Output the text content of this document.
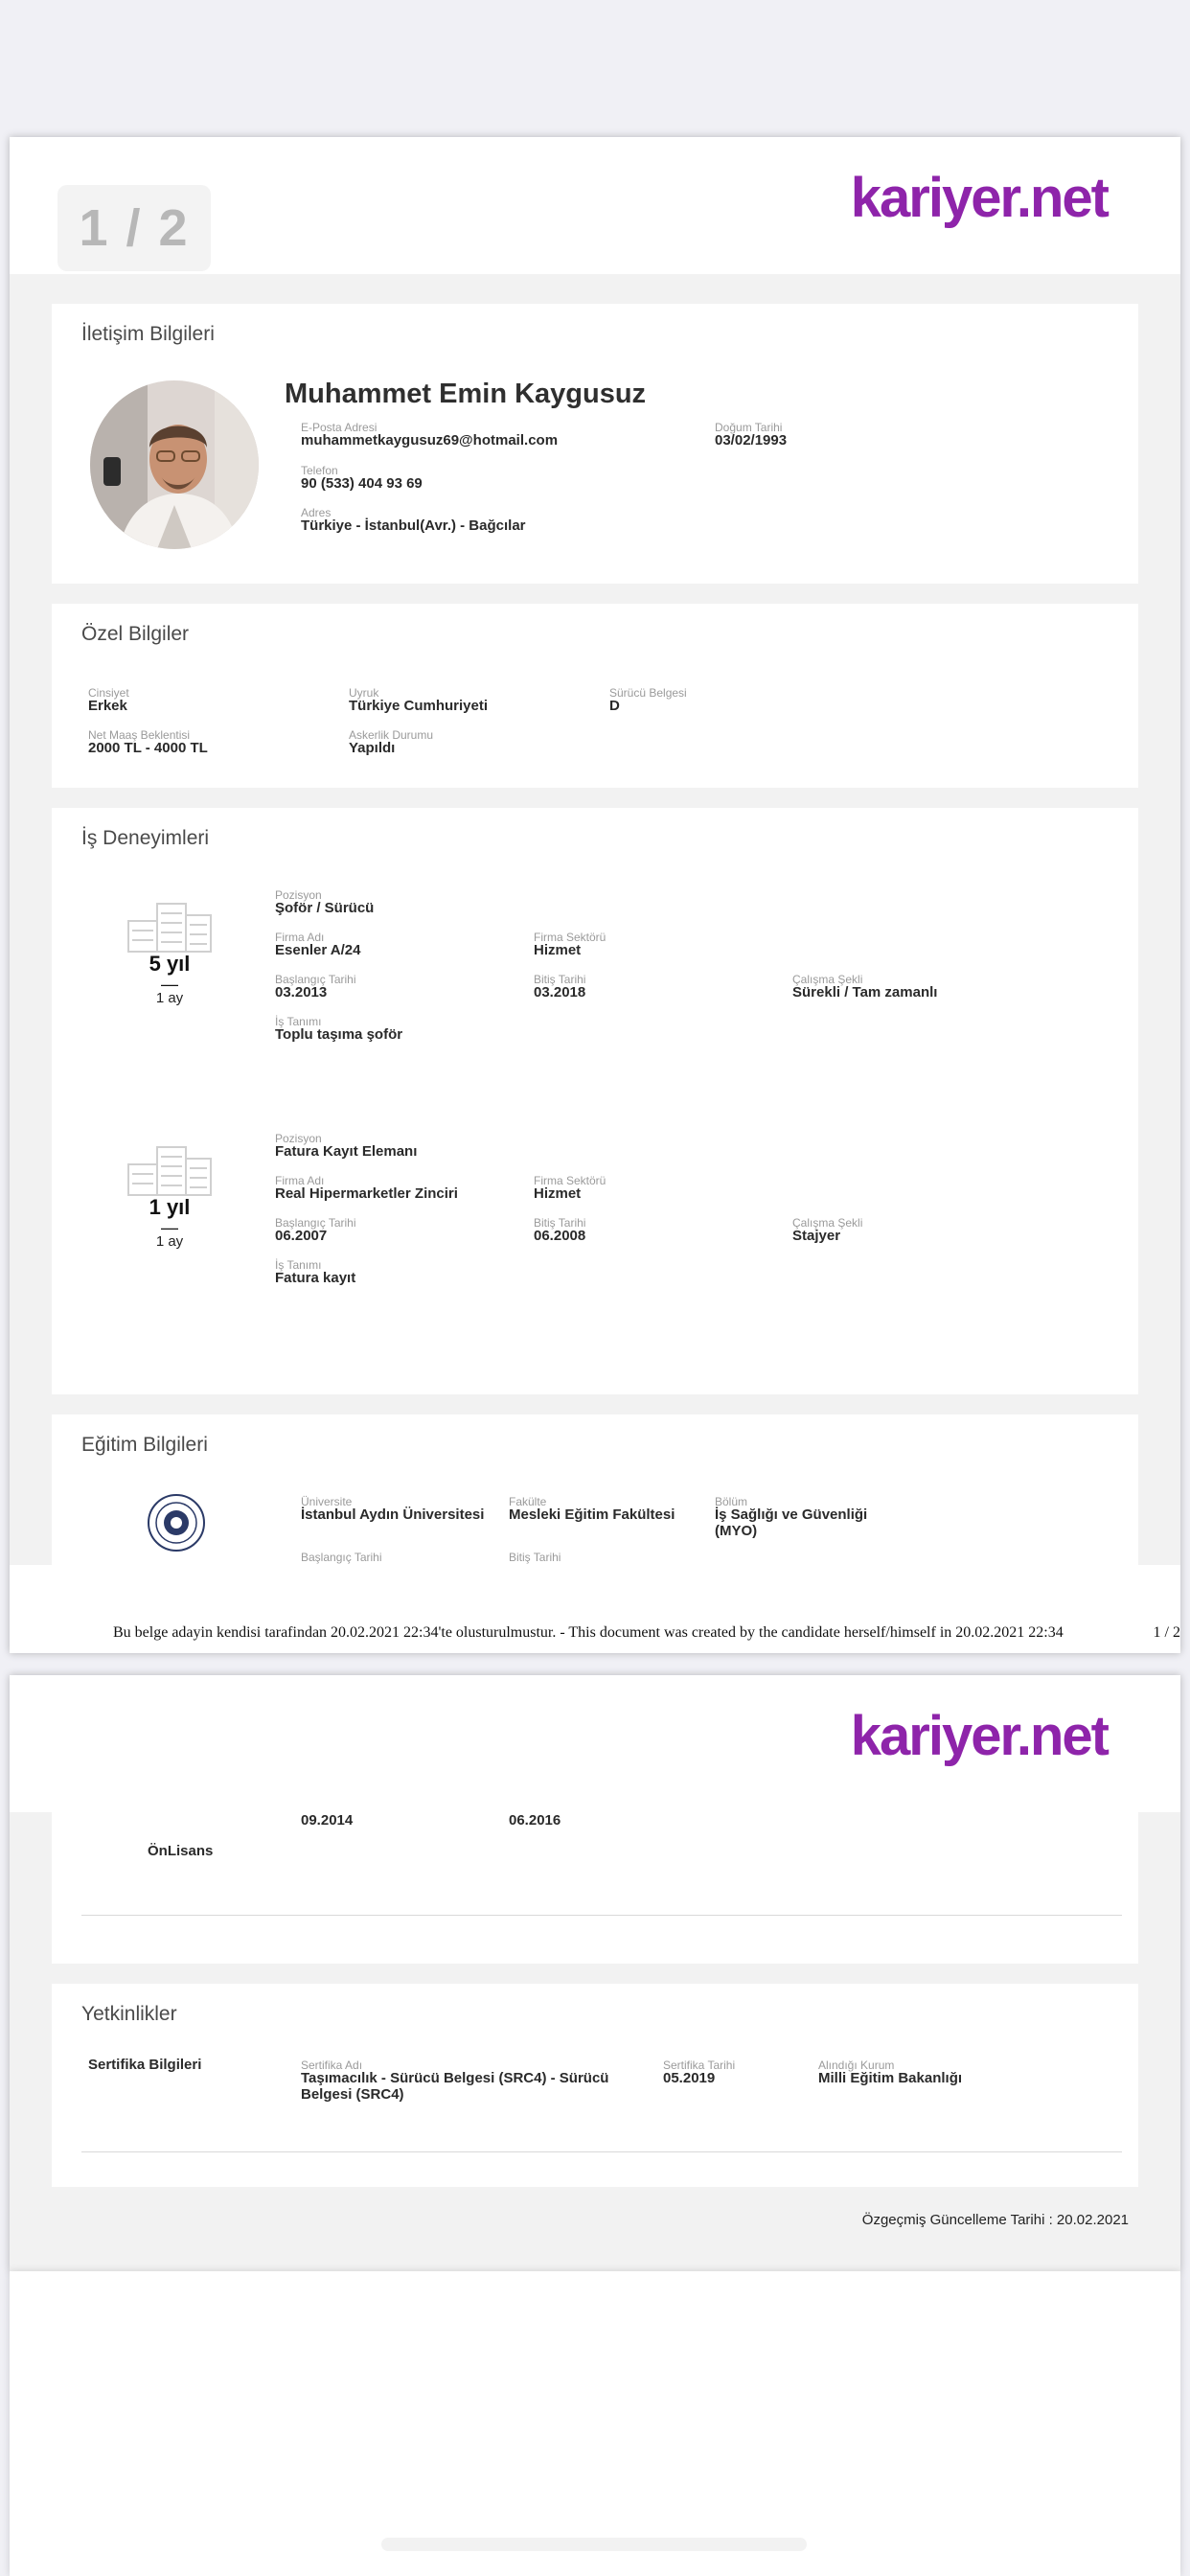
1 / 2	kariyer.net
İletişim Bilgileri
Muhammet Emin Kaygusuz
E-Posta Adresi
muhammetkaygusuz69@hotmail.com
Doğum Tarihi
03/02/1993
Telefon
90 (533) 404 93 69
Adres
Türkiye - İstanbul(Avr.) - Bağcılar
Özel Bilgiler
Cinsiyet
Erkek
Uyruk
Türkiye Cumhuriyeti
Sürücü Belgesi
D
Net Maaş Beklentisi
2000 TL - 4000 TL
Askerlik Durumu
Yapıldı
İş Deneyimleri
5 yıl
—
1 ay
Pozisyon
Şoför / Sürücü
Firma Adı
Esenler A/24
Firma Sektörü
Hizmet
Başlangıç Tarihi
03.2013
Bitiş Tarihi
03.2018
Çalışma Şekli
Sürekli / Tam zamanlı
İş Tanımı
Toplu taşıma şoför
1 yıl
—
1 ay
Pozisyon
Fatura Kayıt Elemanı
Firma Adı
Real Hipermarketler Zinciri
Firma Sektörü
Hizmet
Başlangıç Tarihi
06.2007
Bitiş Tarihi
06.2008
Çalışma Şekli
Stajyer
İş Tanımı
Fatura kayıt
Eğitim Bilgileri
Üniversite
İstanbul Aydın Üniversitesi
Fakülte
Mesleki Eğitim Fakültesi
Bölüm
İş Sağlığı ve Güvenliği (MYO)
Başlangıç Tarihi	Bitiş Tarihi
Bu belge adayin kendisi tarafindan 20.02.2021 22:34'te olusturulmustur. - This document was created by the candidate herself/himself in 20.02.2021 22:34	1 / 2
kariyer.net
ÖnLisans
09.2014	06.2016
Yetkinlikler
Sertifika Bilgileri	Sertifika Adı
Taşımacılık - Sürücü Belgesi (SRC4) - Sürücü Belgesi (SRC4)
Sertifika Tarihi
05.2019
Alındığı Kurum
Milli Eğitim Bakanlığı
Özgeçmiş Güncelleme Tarihi : 20.02.2021
